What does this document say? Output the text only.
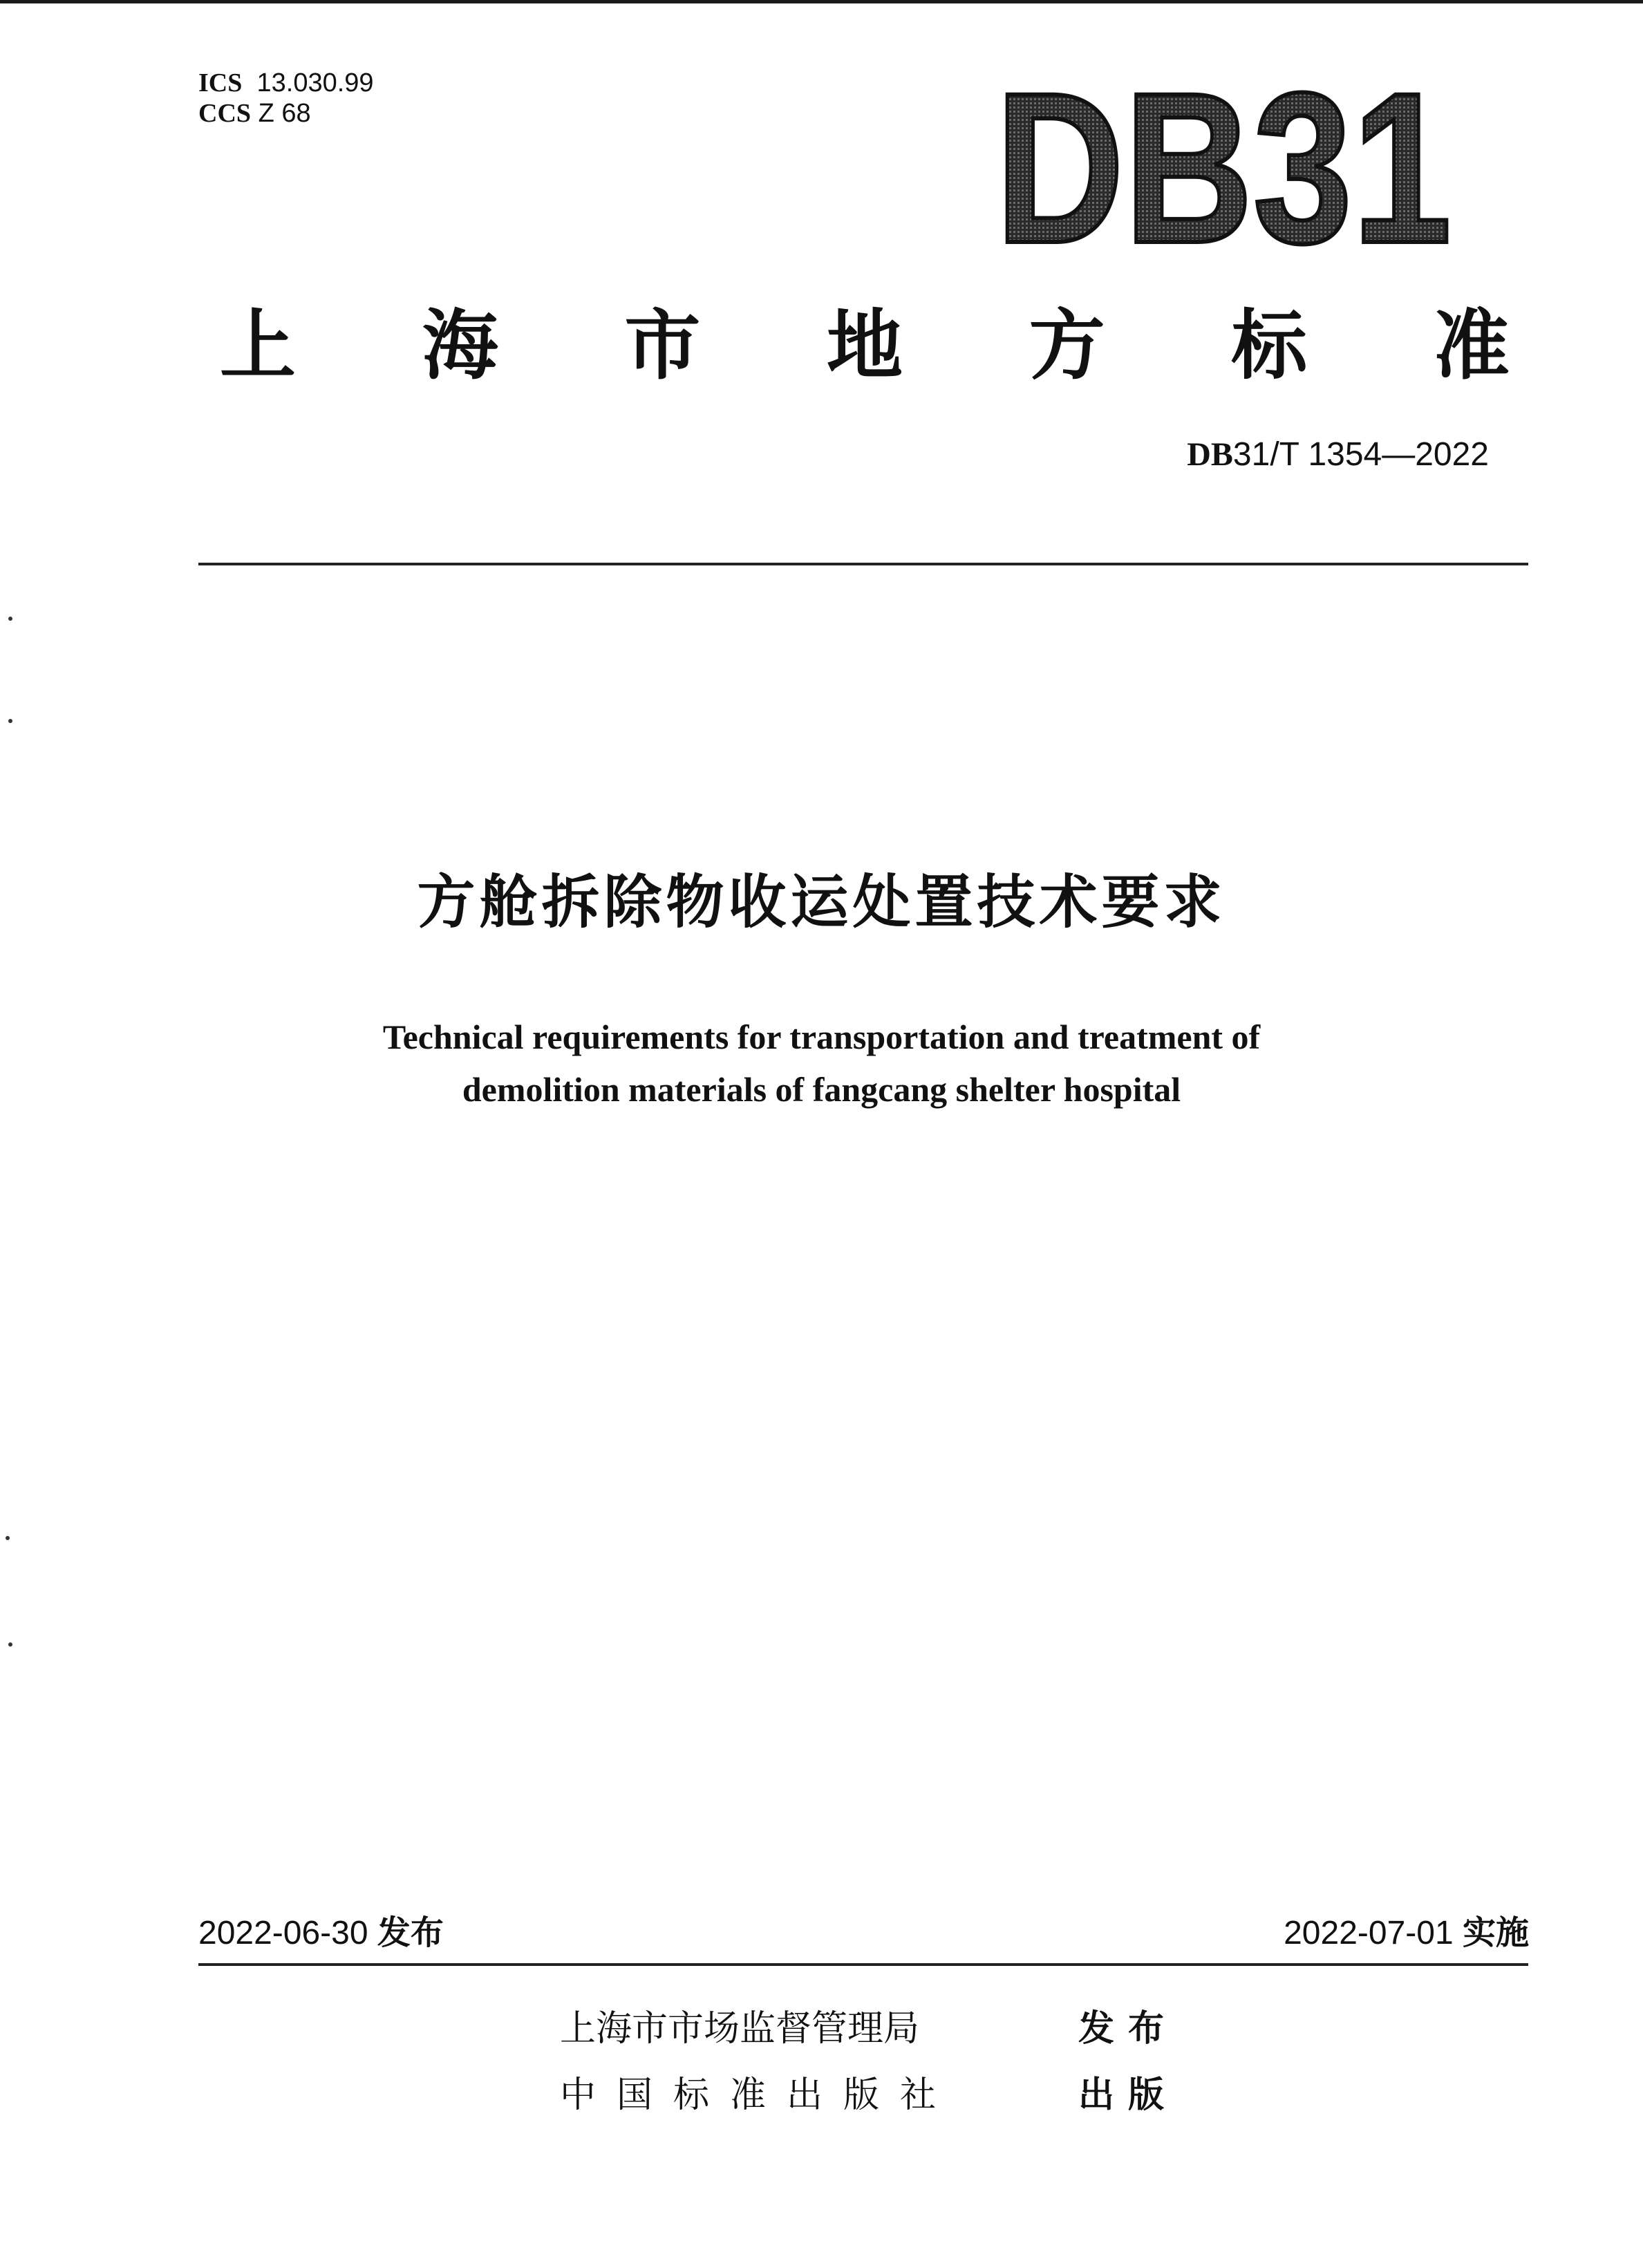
ICS 13.030.99
CCS Z 68	DB31
上 海 市 地 方 标 准
DB31/T 1354—2022
方舱拆除物收运处置技术要求
Technical requirements for transportation and treatment of
demolition materials of fangcang shelter hospital
2022-06-30 发布	2022-07-01 实施
上海市市场监督管理局	发布
中国标准出版社	出版
